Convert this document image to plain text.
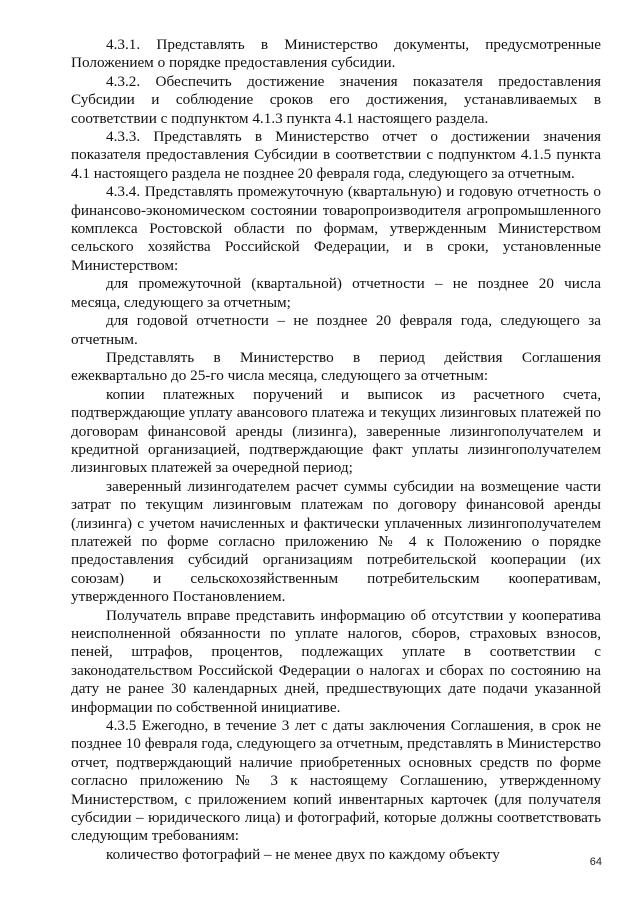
4.3.1. Представлять в Министерство документы, предусмотренные Положением о порядке предоставления субсидии.

4.3.2. Обеспечить достижение значения показателя предоставления Субсидии и соблюдение сроков его достижения, устанавливаемых в соответствии с подпунктом 4.1.3 пункта 4.1 настоящего раздела.

4.3.3. Представлять в Министерство отчет о достижении значения показателя предоставления Субсидии в соответствии с подпунктом 4.1.5 пункта 4.1 настоящего раздела не позднее 20 февраля года, следующего за отчетным.

4.3.4. Представлять промежуточную (квартальную) и годовую отчетность о финансово-экономическом состоянии товаропроизводителя агропромышленного комплекса Ростовской области по формам, утвержденным Министерством сельского хозяйства Российской Федерации, и в сроки, установленные Министерством:

для промежуточной (квартальной) отчетности – не позднее 20 числа месяца, следующего за отчетным;

для годовой отчетности – не позднее 20 февраля года, следующего за отчетным.

Представлять в Министерство в период действия Соглашения ежеквартально до 25-го числа месяца, следующего за отчетным:

копии платежных поручений и выписок из расчетного счета, подтверждающие уплату авансового платежа и текущих лизинговых платежей по договорам финансовой аренды (лизинга), заверенные лизингополучателем и кредитной организацией, подтверждающие факт уплаты лизингополучателем лизинговых платежей за очередной период;

заверенный лизингодателем расчет суммы субсидии на возмещение части затрат по текущим лизинговым платежам по договору финансовой аренды (лизинга) с учетом начисленных и фактически уплаченных лизингополучателем платежей по форме согласно приложению № 4 к Положению о порядке предоставления субсидий организациям потребительской кооперации (их союзам) и сельскохозяйственным потребительским кооперативам, утвержденного Постановлением.

Получатель вправе представить информацию об отсутствии у кооператива неисполненной обязанности по уплате налогов, сборов, страховых взносов, пеней, штрафов, процентов, подлежащих уплате в соответствии с законодательством Российской Федерации о налогах и сборах по состоянию на дату не ранее 30 календарных дней, предшествующих дате подачи указанной информации по собственной инициативе.

4.3.5 Ежегодно, в течение 3 лет с даты заключения Соглашения, в срок не позднее 10 февраля года, следующего за отчетным, представлять в Министерство отчет, подтверждающий наличие приобретенных основных средств по форме согласно приложению № 3 к настоящему Соглашению, утвержденному Министерством, с приложением копий инвентарных карточек (для получателя субсидии – юридического лица) и фотографий, которые должны соответствовать следующим требованиям:

количество фотографий – не менее двух по каждому объекту	64
